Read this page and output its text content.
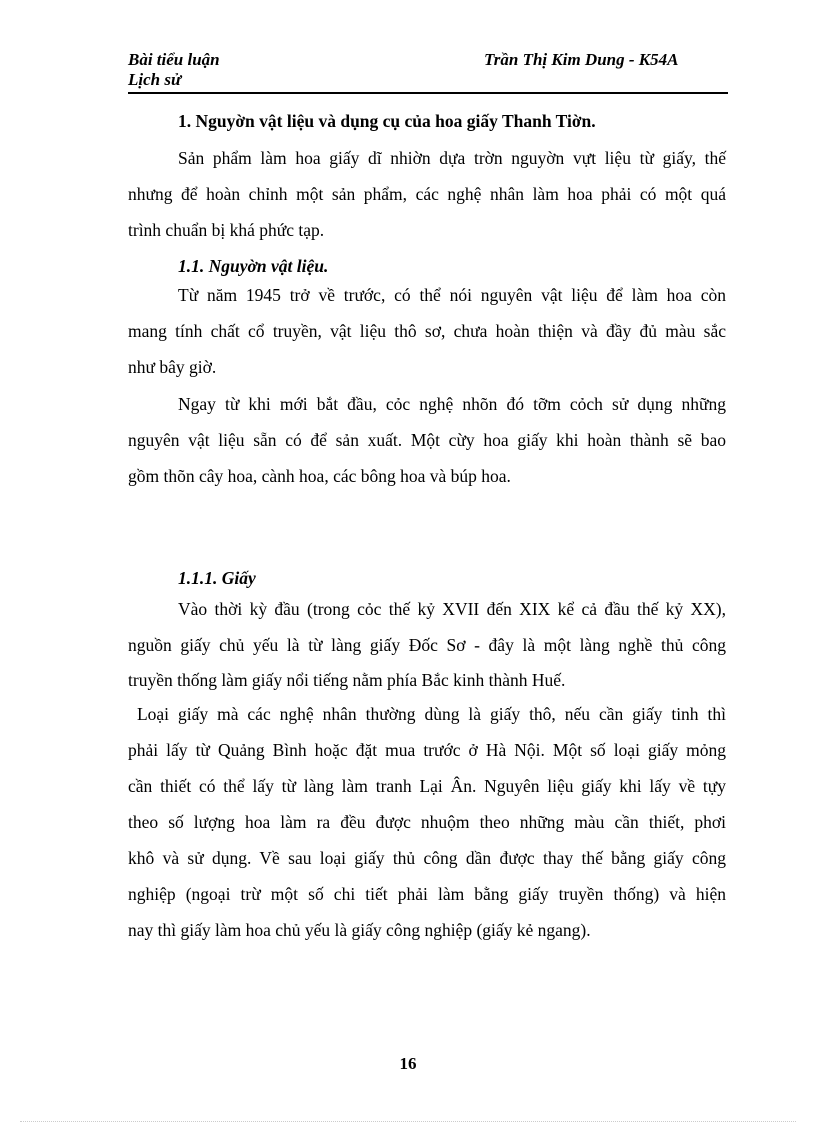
Bài tiểu luận
Lịch sử
Trần Thị Kim Dung - K54A
1. Nguyờn vật liệu và dụng cụ của hoa giấy Thanh Tiờn.
Sản phẩm làm hoa giấy dĩ nhiờn dựa trờn nguyờn vựt liệu từ giấy, thế
nhưng để hoàn chỉnh một sản phẩm, các nghệ nhân làm hoa phải có một quá
trình chuẩn bị khá phức tạp.
1.1. Nguyờn vật liệu.
Từ năm 1945 trở về trước, có thể nói nguyên vật liệu để làm hoa còn
mang tính chất cổ truyền, vật liệu thô sơ, chưa hoàn thiện và đầy đủ màu sắc
như bây giờ.
Ngay từ khi mới bắt đầu, cỏc nghệ nhõn đó tỡm cỏch sử dụng những
nguyên vật liệu sẵn có để sản xuất. Một cừy hoa giấy khi hoàn thành sẽ bao
gồm thõn cây hoa, cành hoa, các bông hoa và búp hoa.
1.1.1. Giấy
Vào thời kỳ đầu (trong cỏc thế kỷ XVII đến XIX kể cả đầu thế kỷ XX),
nguồn giấy chủ yếu là từ làng giấy Đốc Sơ - đây là một làng nghề thủ công
truyền thống làm giấy nổi tiếng nằm phía Bắc kinh thành Huế.
Loại giấy mà các nghệ nhân thường dùng là giấy thô, nếu cần giấy tinh thì
phải lấy từ Quảng Bình hoặc đặt mua trước ở Hà Nội. Một số loại giấy mỏng
cần thiết có thể lấy từ làng làm tranh Lại Ân. Nguyên liệu giấy khi lấy về tựy
theo số lượng hoa làm ra đều được nhuộm theo những màu cần thiết, phơi
khô và sử dụng. Về sau loại giấy thủ công dần được thay thế bằng giấy công
nghiệp (ngoại trừ một số chi tiết phải làm bằng giấy truyền thống) và hiện
nay thì giấy làm hoa chủ yếu là giấy công nghiệp (giấy kẻ ngang).
16
